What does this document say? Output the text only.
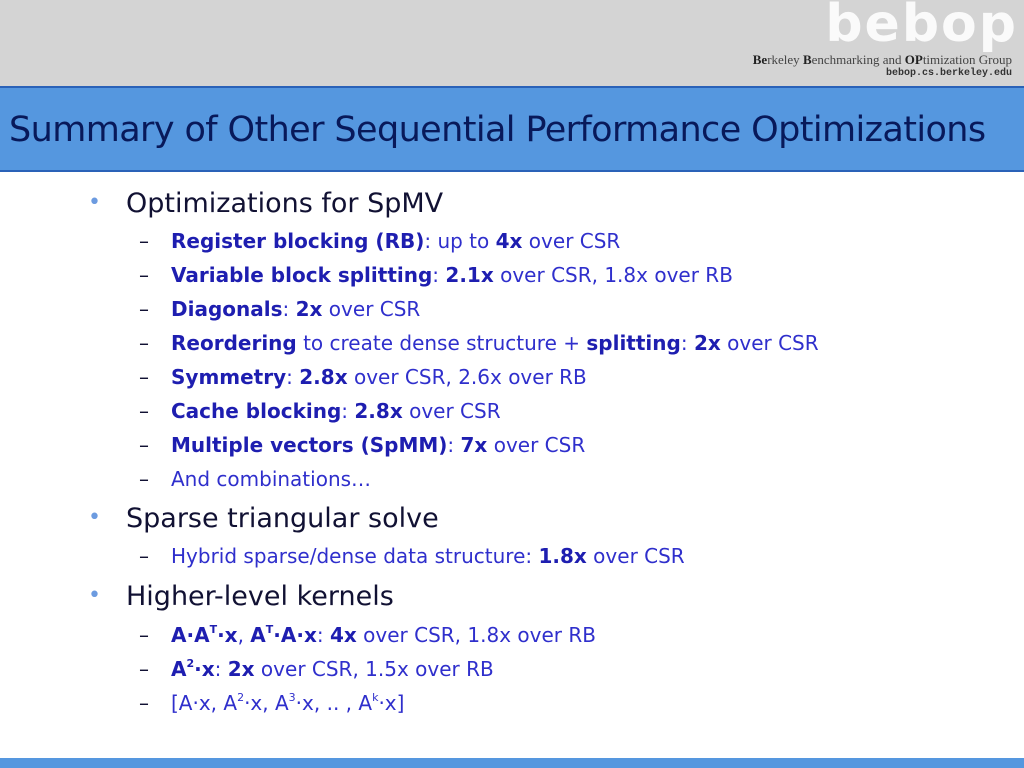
bebop
Berkeley Benchmarking and OPtimization Group
bebop.cs.berkeley.edu
Summary of Other Sequential Performance Optimizations
• Optimizations for SpMV
– Register blocking (RB): up to 4x over CSR
– Variable block splitting: 2.1x over CSR, 1.8x over RB
– Diagonals: 2x over CSR
– Reordering to create dense structure + splitting: 2x over CSR
– Symmetry: 2.8x over CSR, 2.6x over RB
– Cache blocking: 2.8x over CSR
– Multiple vectors (SpMM): 7x over CSR
– And combinations…
• Sparse triangular solve
– Hybrid sparse/dense data structure: 1.8x over CSR
• Higher-level kernels
– $A\cdot A^T\cdot x$, $A^T\cdot A\cdot x$: 4x over CSR, 1.8x over RB
– $A^2\cdot x$: 2x over CSR, 1.5x over RB
– [A·x, $A^2\cdot x$, $A^3\cdot x$, .. , $A^k\cdot x$]
